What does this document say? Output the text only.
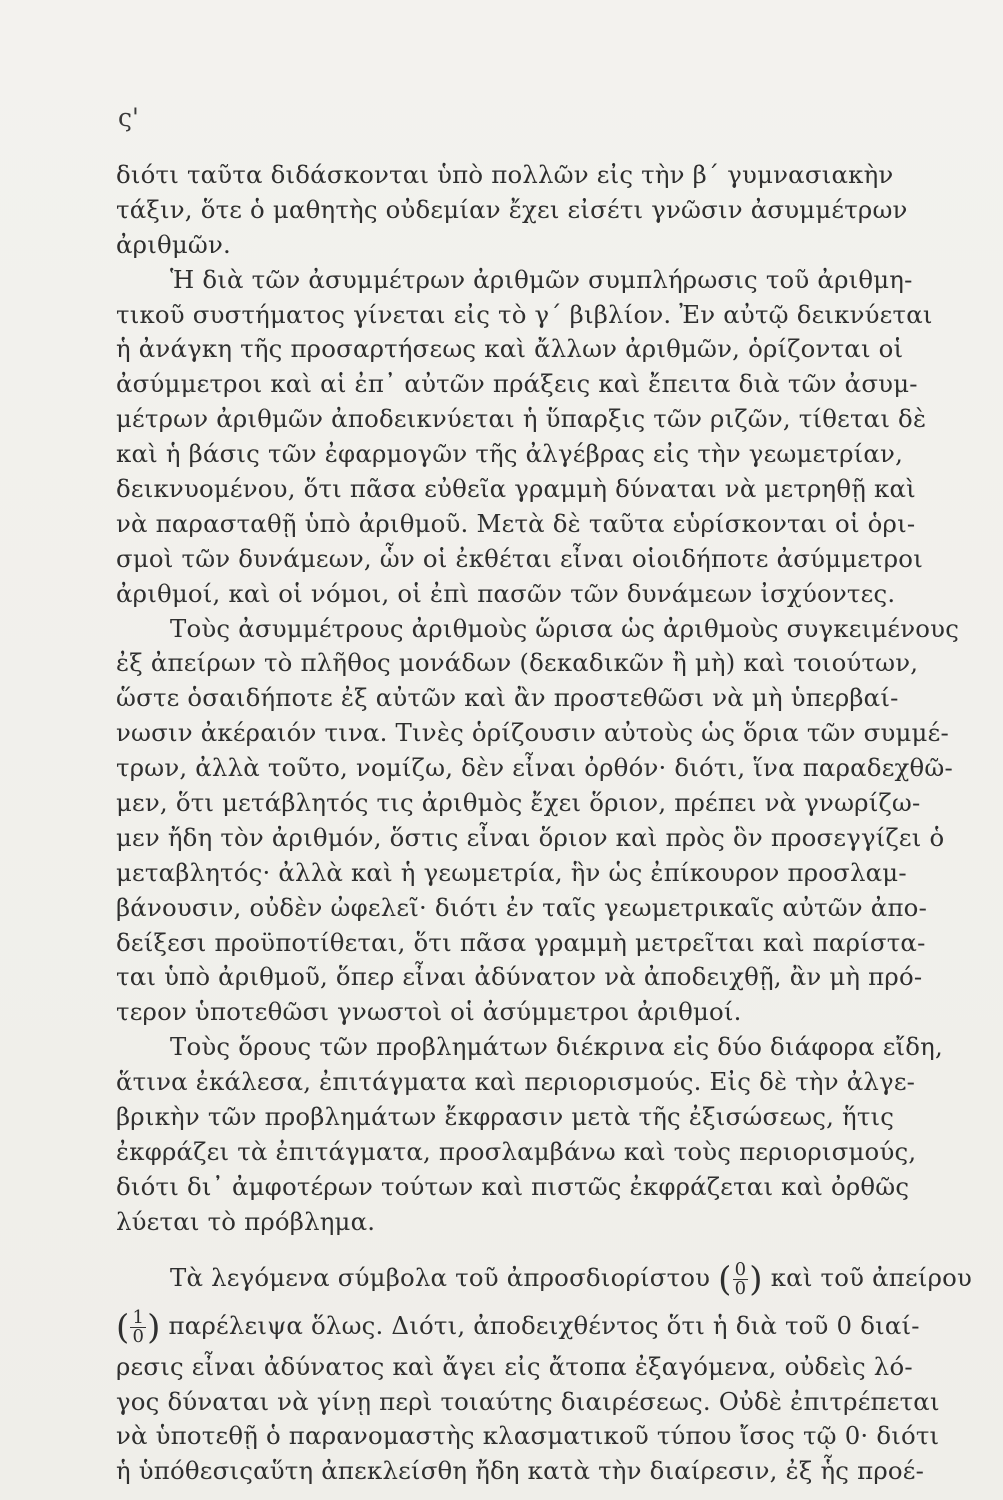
ς'
διότι ταῦτα διδάσκονται ὑπὸ πολλῶν εἰς τὴν β΄ γυμνασιακὴν
τάξιν, ὅτε ὁ μαθητὴς οὐδεμίαν ἔχει εἰσέτι γνῶσιν ἀσυμμέτρων
ἀριθμῶν.
Ἡ διὰ τῶν ἀσυμμέτρων ἀριθμῶν συμπλήρωσις τοῦ ἀριθμη-
τικοῦ συστήματος γίνεται εἰς τὸ γ΄ βιβλίον. Ἐν αὐτῷ δεικνύεται
ἡ ἀνάγκη τῆς προσαρτήσεως καὶ ἄλλων ἀριθμῶν, ὁρίζονται οἱ
ἀσύμμετροι καὶ αἱ ἐπ᾽ αὐτῶν πράξεις καὶ ἔπειτα διὰ τῶν ἀσυμ-
μέτρων ἀριθμῶν ἀποδεικνύεται ἡ ὕπαρξις τῶν ριζῶν, τίθεται δὲ
καὶ ἡ βάσις τῶν ἐφαρμογῶν τῆς ἀλγέβρας εἰς τὴν γεωμετρίαν,
δεικνυομένου, ὅτι πᾶσα εὐθεῖα γραμμὴ δύναται νὰ μετρηθῇ καὶ
νὰ παρασταθῇ ὑπὸ ἀριθμοῦ. Μετὰ δὲ ταῦτα εὑρίσκονται οἱ ὁρι-
σμοὶ τῶν δυνάμεων, ὧν οἱ ἐκθέται εἶναι οἱοιδήποτε ἀσύμμετροι
ἀριθμοί, καὶ οἱ νόμοι, οἱ ἐπὶ πασῶν τῶν δυνάμεων ἰσχύοντες.
Τοὺς ἀσυμμέτρους ἀριθμοὺς ὥρισα ὡς ἀριθμοὺς συγκειμένους
ἐξ ἀπείρων τὸ πλῆθος μονάδων (δεκαδικῶν ἢ μὴ) καὶ τοιούτων,
ὥστε ὁσαιδήποτε ἐξ αὐτῶν καὶ ἂν προστεθῶσι νὰ μὴ ὑπερβαί-
νωσιν ἀκέραιόν τινα. Τινὲς ὁρίζουσιν αὐτοὺς ὡς ὅρια τῶν συμμέ-
τρων, ἀλλὰ τοῦτο, νομίζω, δὲν εἶναι ὀρθόν· διότι, ἵνα παραδεχθῶ-
μεν, ὅτι μετάβλητός τις ἀριθμὸς ἔχει ὅριον, πρέπει νὰ γνωρίζω-
μεν ἤδη τὸν ἀριθμόν, ὅστις εἶναι ὅριον καὶ πρὸς ὃν προσεγγίζει ὁ
μεταβλητός· ἀλλὰ καὶ ἡ γεωμετρία, ἣν ὡς ἐπίκουρον προσλαμ-
βάνουσιν, οὐδὲν ὠφελεῖ· διότι ἐν ταῖς γεωμετρικαῖς αὐτῶν ἀπο-
δείξεσι προϋποτίθεται, ὅτι πᾶσα γραμμὴ μετρεῖται καὶ παρίστα-
ται ὑπὸ ἀριθμοῦ, ὅπερ εἶναι ἀδύνατον νὰ ἀποδειχθῇ, ἂν μὴ πρό-
τερον ὑποτεθῶσι γνωστοὶ οἱ ἀσύμμετροι ἀριθμοί.
Τοὺς ὅρους τῶν προβλημάτων διέκρινα εἰς δύο διάφορα εἴδη,
ἅτινα ἐκάλεσα, ἐπιτάγματα καὶ περιορισμούς. Εἰς δὲ τὴν ἀλγε-
βρικὴν τῶν προβλημάτων ἔκφρασιν μετὰ τῆς ἐξισώσεως, ἥτις
ἐκφράζει τὰ ἐπιτάγματα, προσλαμβάνω καὶ τοὺς περιορισμούς,
διότι δι᾽ ἀμφοτέρων τούτων καὶ πιστῶς ἐκφράζεται καὶ ὀρθῶς
λύεται τὸ πρόβλημα.
Τὰ λεγόμενα σύμβολα τοῦ ἀπροσδιορίστου ( $\frac{0}{0}$ ) καὶ τοῦ ἀπείρου
( $\frac{1}{0}$ ) παρέλειψα ὅλως. Διότι, ἀποδειχθέντος ὅτι ἡ διὰ τοῦ 0 διαί-
ρεσις εἶναι ἀδύνατος καὶ ἄγει εἰς ἄτοπα ἐξαγόμενα, οὐδεὶς λό-
γος δύναται νὰ γίνῃ περὶ τοιαύτης διαιρέσεως. Οὐδὲ ἐπιτρέπεται
νὰ ὑποτεθῇ ὁ παρανομαστὴς κλασματικοῦ τύπου ἴσος τῷ 0· διότι
ἡ ὑπόθεσιςαὕτη ἀπεκλείσθη ἤδη κατὰ τὴν διαίρεσιν, ἐξ ἧς προέ-
